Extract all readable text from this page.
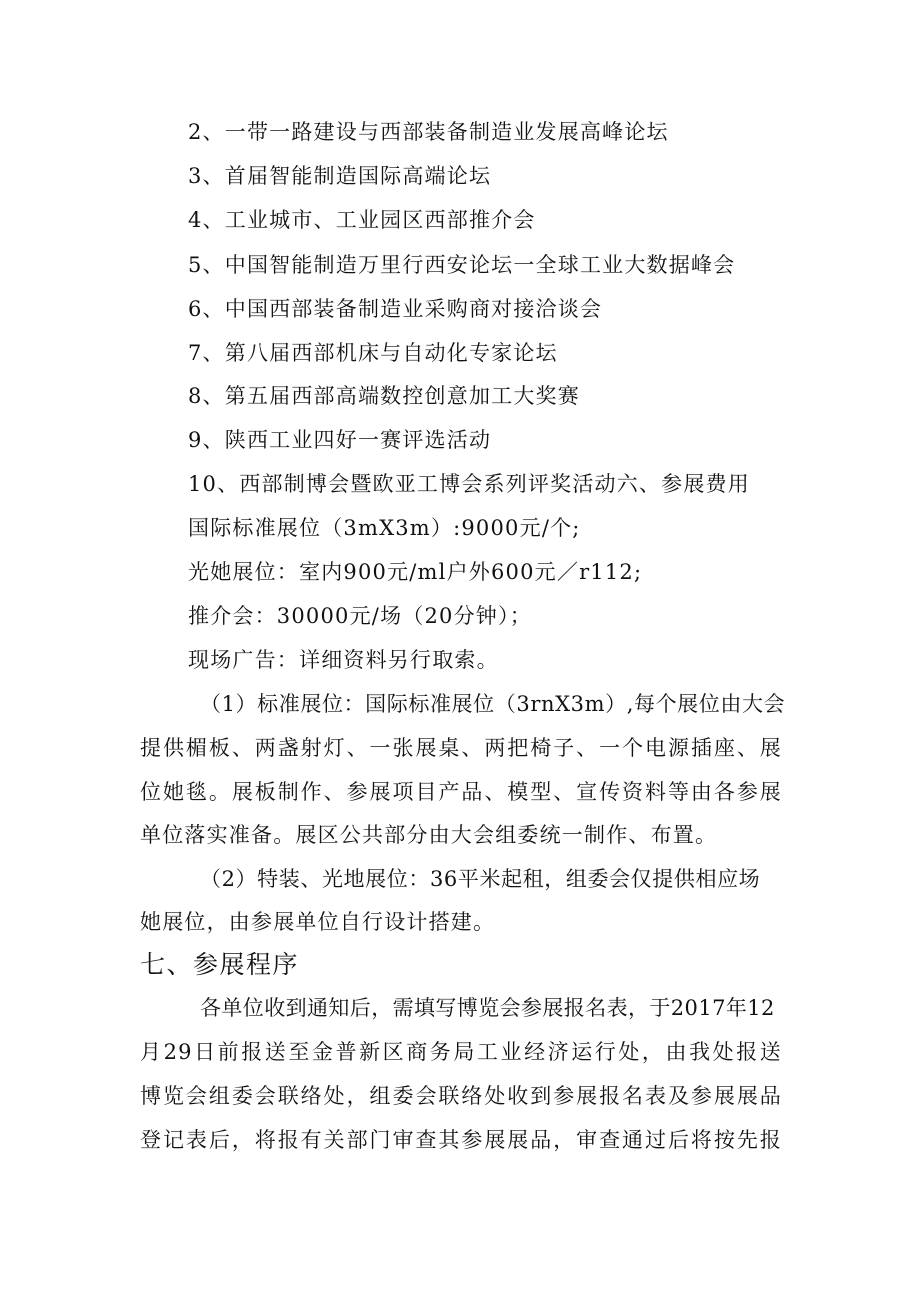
2、一带一路建设与西部装备制造业发展高峰论坛
3、首届智能制造国际高端论坛
4、工业城市、工业园区西部推介会
5、中国智能制造万里行西安论坛一全球工业大数据峰会
6、中国西部装备制造业采购商对接洽谈会
7、第八届西部机床与自动化专家论坛
8、第五届西部高端数控创意加工大奖赛
9、陕西工业四好一赛评选活动
10、西部制博会暨欧亚工博会系列评奖活动六、参展费用
国际标准展位（3mX3m）:9000元/个;
光她展位：室内900元/ml户外600元／r112;
推介会：30000元/场（20分钟）；
现场广告：详细资料另行取索。
（1）标准展位：国际标准展位（3rnX3m）,每个展位由大会
提供楣板、两盏射灯、一张展桌、两把椅子、一个电源插座、展
位她毯。展板制作、参展项目产品、模型、宣传资料等由各参展
单位落实准备。展区公共部分由大会组委统一制作、布置。
（2）特装、光地展位：36平米起租，组委会仅提供相应场
她展位，由参展单位自行设计搭建。
七、参展程序
各单位收到通知后，需填写博览会参展报名表，于2017年12
月29日前报送至金普新区商务局工业经济运行处，由我处报送
博览会组委会联络处，组委会联络处收到参展报名表及参展展品
登记表后，将报有关部门审查其参展展品，审查通过后将按先报
